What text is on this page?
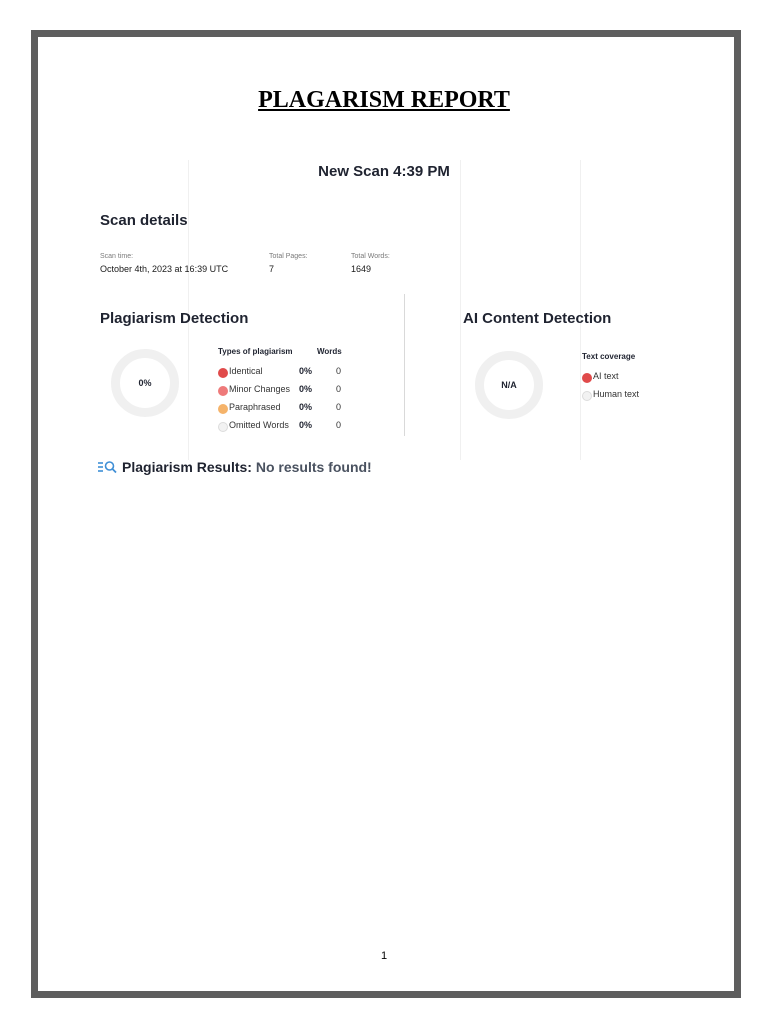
PLAGARISM REPORT
New Scan 4:39 PM
Scan details
Scan time:
October 4th, 2023 at 16:39 UTC
Total Pages:
7
Total Words:
1649
Plagiarism Detection
0%
Types of plagiarism	Words
Identical	0%	0
Minor Changes 0%	0
Paraphrased 0%	0
Omitted Words 0%	0
AI Content Detection
N/A
Text coverage
AI text
Human text
Plagiarism Results: No results found!
1
